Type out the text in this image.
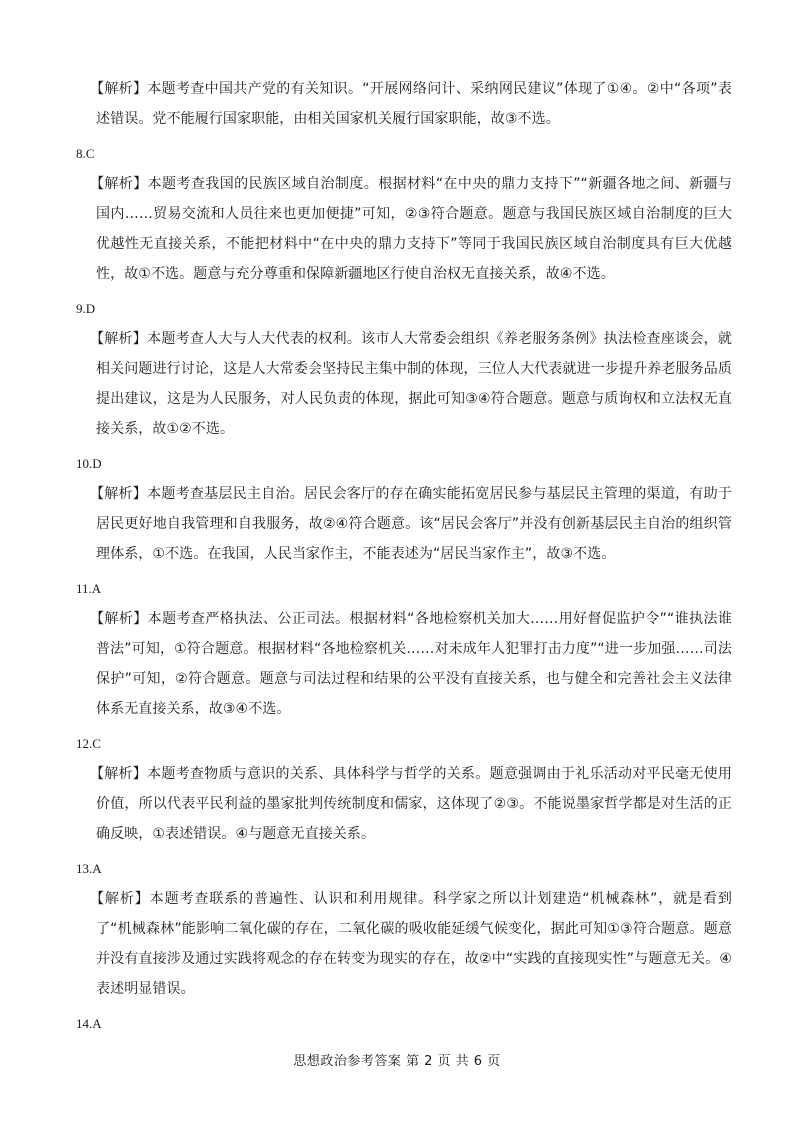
【解析】本题考查中国共产党的有关知识。“开展网络问计、采纳网民建议”体现了①④。②中“各项”表述错误。党不能履行国家职能，由相关国家机关履行国家职能，故③不选。

8.C

【解析】本题考查我国的民族区域自治制度。根据材料“在中央的鼎力支持下”“新疆各地之间、新疆与国内……贸易交流和人员往来也更加便捷”可知，②③符合题意。题意与我国民族区域自治制度的巨大优越性无直接关系，不能把材料中“在中央的鼎力支持下”等同于我国民族区域自治制度具有巨大优越性，故①不选。题意与充分尊重和保障新疆地区行使自治权无直接关系，故④不选。

9.D

【解析】本题考查人大与人大代表的权利。该市人大常委会组织《养老服务条例》执法检查座谈会，就相关问题进行讨论，这是人大常委会坚持民主集中制的体现，三位人大代表就进一步提升养老服务品质提出建议，这是为人民服务，对人民负责的体现，据此可知③④符合题意。题意与质询权和立法权无直接关系，故①②不选。

10.D

【解析】本题考查基层民主自治。居民会客厅的存在确实能拓宽居民参与基层民主管理的渠道，有助于居民更好地自我管理和自我服务，故②④符合题意。该“居民会客厅”并没有创新基层民主自治的组织管理体系，①不选。在我国，人民当家作主，不能表述为“居民当家作主”，故③不选。

11.A

【解析】本题考查严格执法、公正司法。根据材料“各地检察机关加大……用好督促监护令”“谁执法谁普法”可知，①符合题意。根据材料“各地检察机关……对未成年人犯罪打击力度”“进一步加强……司法保护”可知，②符合题意。题意与司法过程和结果的公平没有直接关系，也与健全和完善社会主义法律体系无直接关系，故③④不选。

12.C

【解析】本题考查物质与意识的关系、具体科学与哲学的关系。题意强调由于礼乐活动对平民毫无使用价值，所以代表平民利益的墨家批判传统制度和儒家，这体现了②③。不能说墨家哲学都是对生活的正确反映，①表述错误。④与题意无直接关系。

13.A

【解析】本题考查联系的普遍性、认识和利用规律。科学家之所以计划建造“机械森林”，就是看到了“机械森林”能影响二氧化碳的存在，二氧化碳的吸收能延缓气候变化，据此可知①③符合题意。题意并没有直接涉及通过实践将观念的存在转变为现实的存在，故②中“实践的直接现实性”与题意无关。④表述明显错误。

14.A

思想政治参考答案 第 2 页 共 6 页
